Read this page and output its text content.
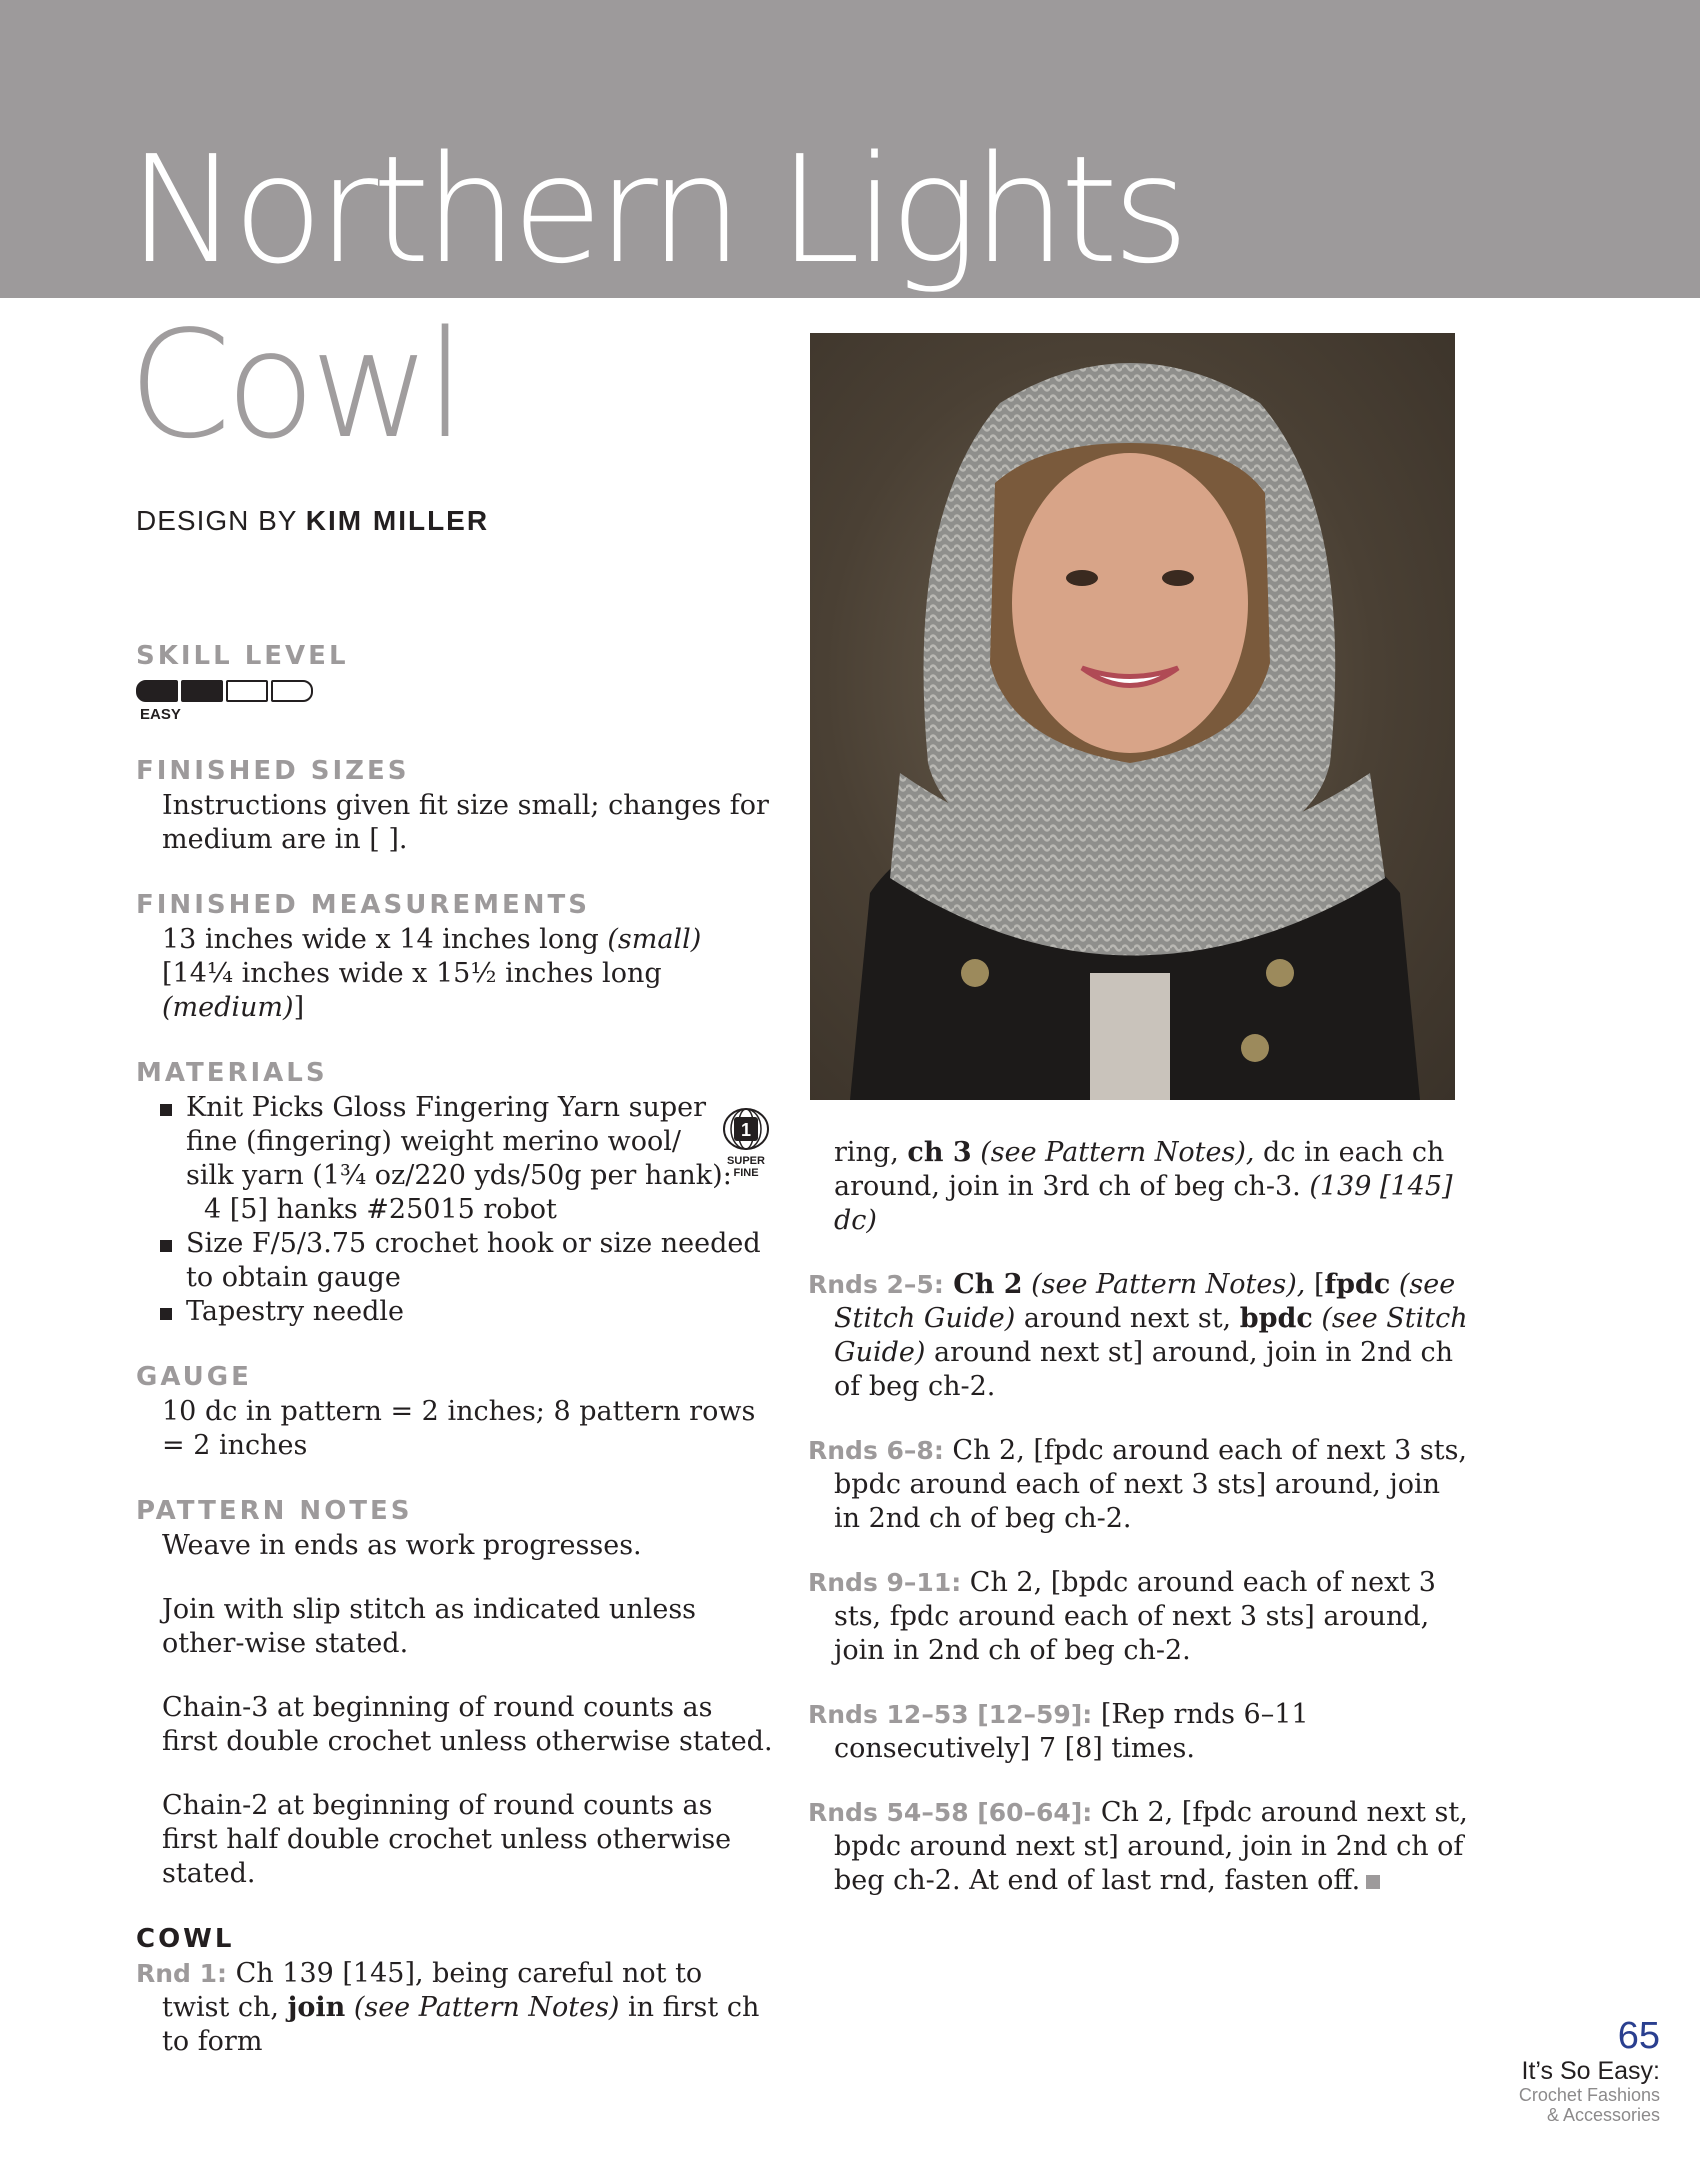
Northern Lights
Cowl
DESIGN BY KIM MILLER
SKILL LEVEL
EASY
FINISHED SIZES

Instructions given fit size small; changes for medium are in [ ].

FINISHED MEASUREMENTS

13 inches wide x 14 inches long (small)

[14¼ inches wide x 15½ inches long (medium)]

MATERIALS
Knit Picks Gloss Fingering Yarn super
fine (fingering) weight merino wool/
silk yarn (1¾ oz/220 yds/50g per hank):
4 [5] hanks #25015 robot
Size F/5/3.75 crochet hook or size needed to obtain gauge
Tapestry needle
1
SUPER FINE
GAUGE

10 dc in pattern = 2 inches; 8 pattern rows = 2 inches

PATTERN NOTES

Weave in ends as work progresses.

Join with slip stitch as indicated unless other-wise stated.

Chain-3 at beginning of round counts as first double crochet unless otherwise stated.

Chain-2 at beginning of round counts as first half double crochet unless otherwise stated.

COWL

Rnd 1: Ch 139 [145], being careful not to twist ch, join (see Pattern Notes) in first ch to form

ring, ch 3 (see Pattern Notes), dc in each ch around, join in 3rd ch of beg ch-3. (139 [145] dc)

Rnds 2–5: Ch 2 (see Pattern Notes), [fpdc (see Stitch Guide) around next st, bpdc (see Stitch Guide) around next st] around, join in 2nd ch of beg ch-2.

Rnds 6–8: Ch 2, [fpdc around each of next 3 sts, bpdc around each of next 3 sts] around, join in 2nd ch of beg ch-2.

Rnds 9–11: Ch 2, [bpdc around each of next 3 sts, fpdc around each of next 3 sts] around, join in 2nd ch of beg ch-2.

Rnds 12–53 [12–59]: [Rep rnds 6–11 consecutively] 7 [8] times.

Rnds 54–58 [60–64]: Ch 2, [fpdc around next st, bpdc around next st] around, join in 2nd ch of beg ch-2. At end of last rnd, fasten off.

65
It’s So Easy:
Crochet Fashions
& Accessories
